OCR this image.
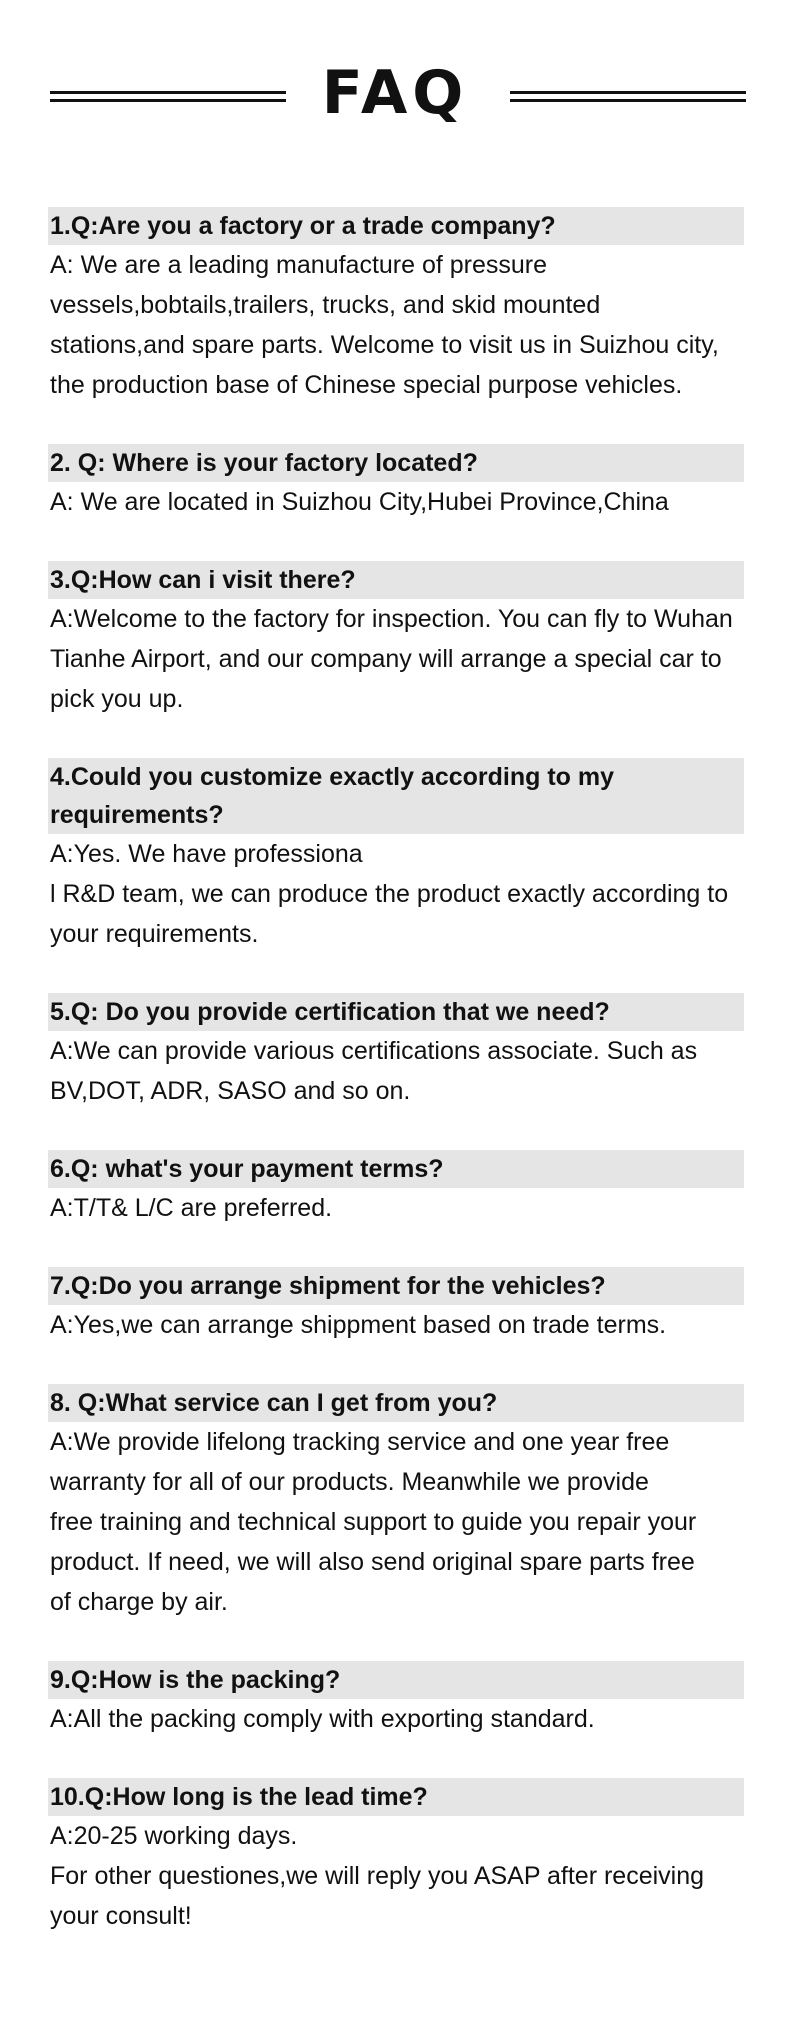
FAQ
1.Q:Are you a factory or a trade company?
A: We are a leading manufacture of pressure
vessels,bobtails,trailers, trucks, and skid mounted
stations,and spare parts. Welcome to visit us in Suizhou city,
the production base of Chinese special purpose vehicles.
2. Q: Where is your factory located?
A: We are located in Suizhou City,Hubei Province,China
3.Q:How can i visit there?
A:Welcome to the factory for inspection. You can fly to Wuhan
Tianhe Airport, and our company will arrange a special car to
pick you up.
4.Could you customize exactly according to my requirements?
A:Yes. We have professiona
l R&D team, we can produce the product exactly according to
your requirements.
5.Q: Do you provide certification that we need?
A:We can provide various certifications associate. Such as
BV,DOT, ADR, SASO and so on.
6.Q: what's your payment terms?
A:T/T& L/C are preferred.
7.Q:Do you arrange shipment for the vehicles?
A:Yes,we can arrange shippment based on trade terms.
8. Q:What service can I get from you?
A:We provide lifelong tracking service and one year free
warranty for all of our products. Meanwhile we provide
free training and technical support to guide you repair your
product. If need, we will also send original spare parts free
of charge by air.
9.Q:How is the packing?
A:All the packing comply with exporting standard.
10.Q:How long is the lead time?
A:20-25 working days.
For other questiones,we will reply you ASAP after receiving
your consult!
